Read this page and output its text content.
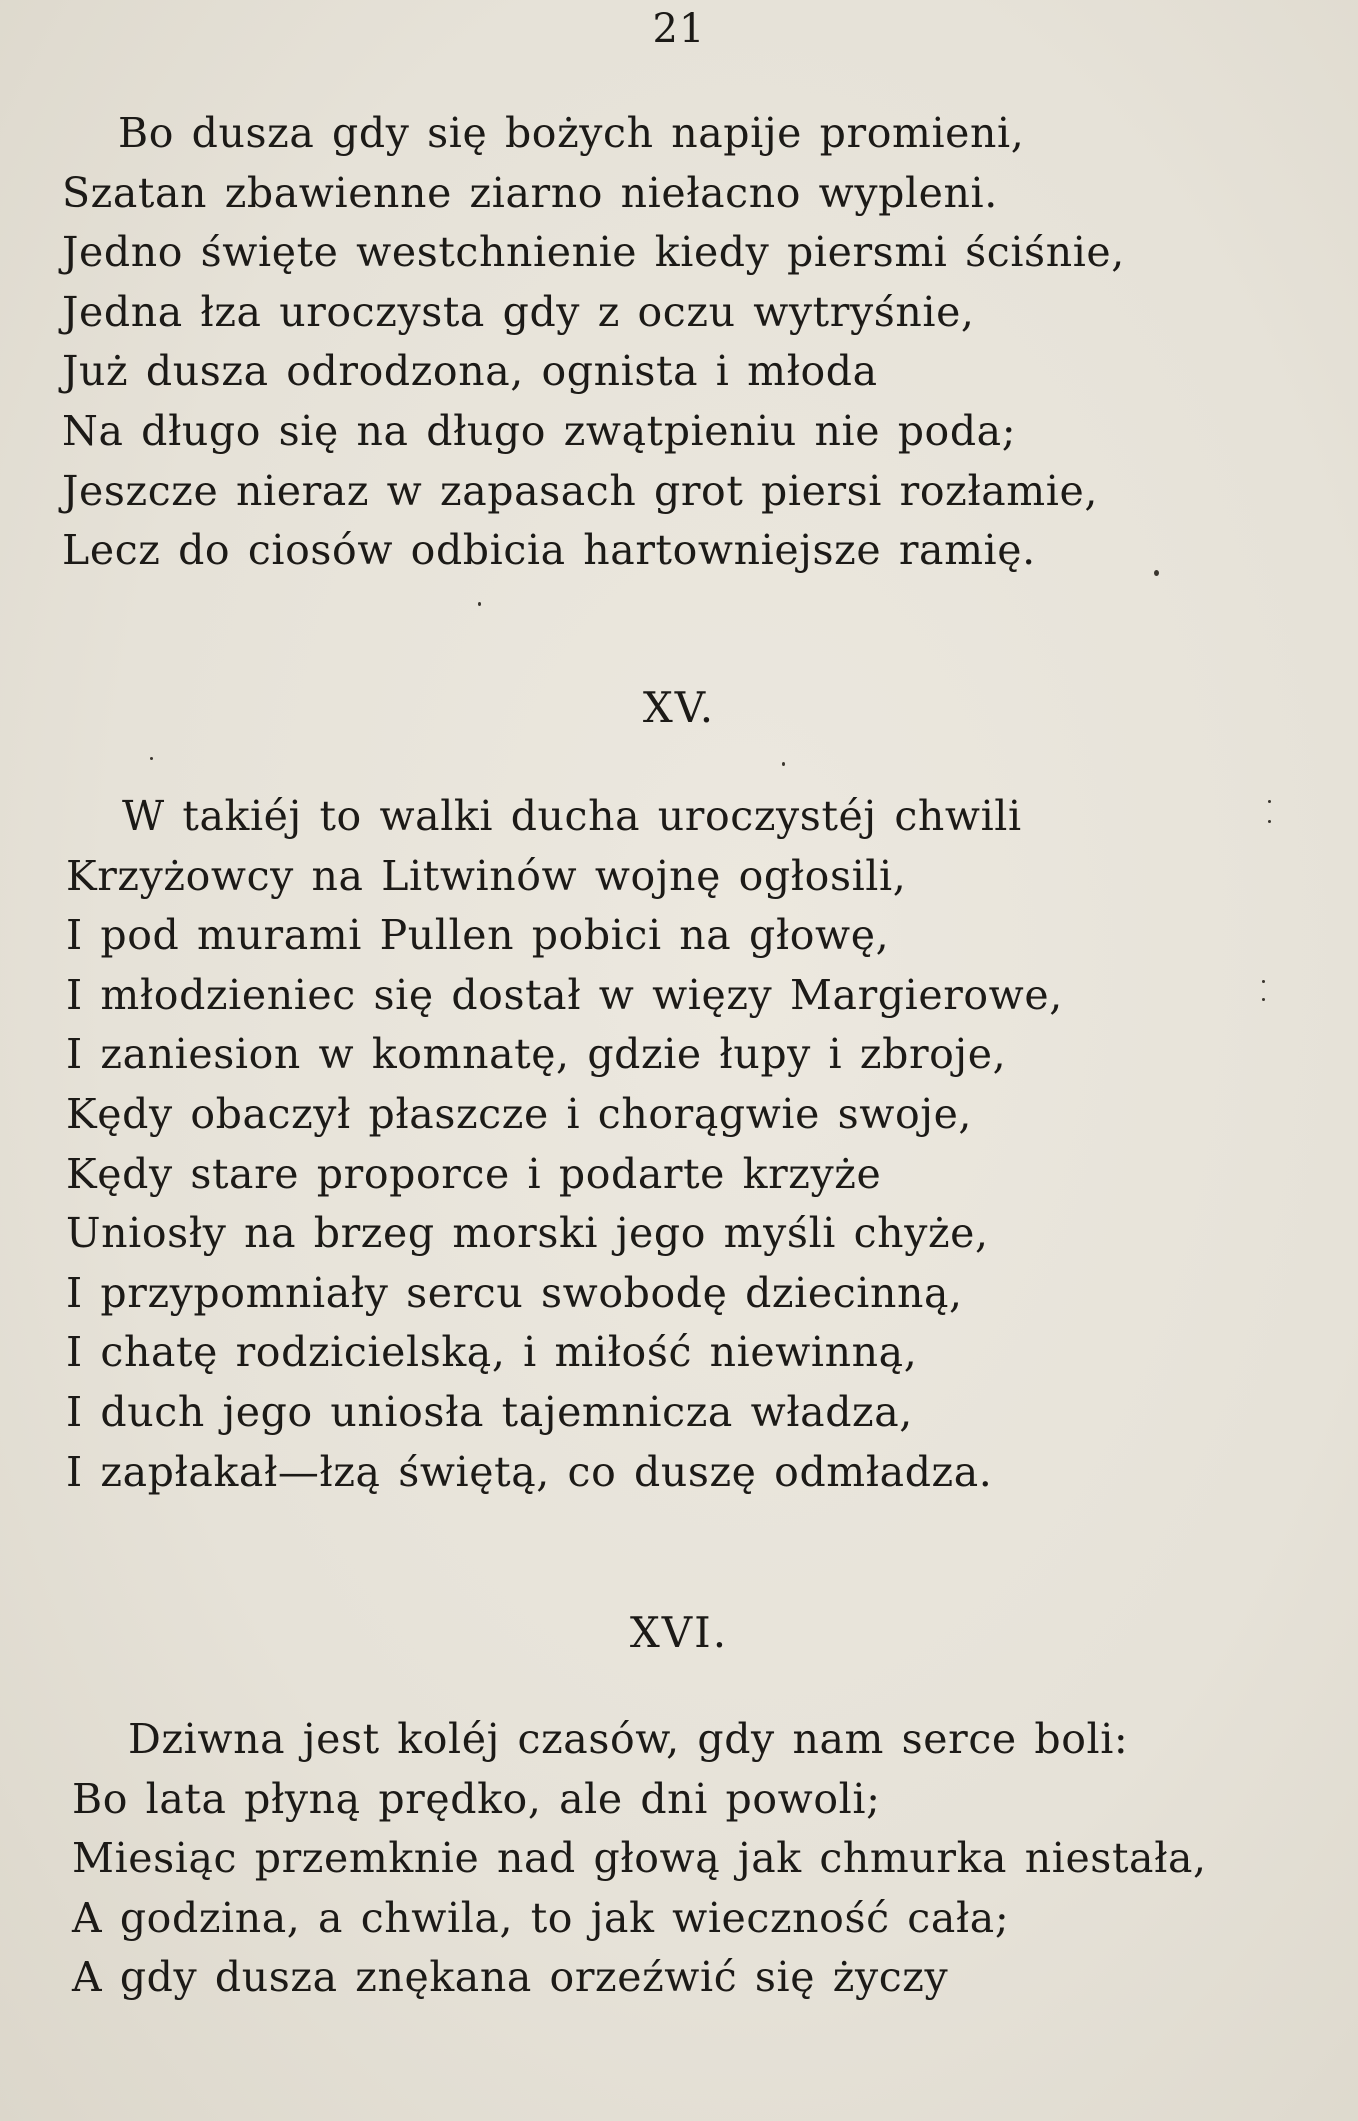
21
Bo dusza gdy się bożych napije promieni,
Szatan zbawienne ziarno niełacno wypleni.
Jedno święte westchnienie kiedy piersmi ściśnie,
Jedna łza uroczysta gdy z oczu wytryśnie,
Już dusza odrodzona, ognista i młoda
Na długo się na długo zwątpieniu nie poda;
Jeszcze nieraz w zapasach grot piersi rozłamie,
Lecz do ciosów odbicia hartowniejsze ramię.
XV.
W takiéj to walki ducha uroczystéj chwili
Krzyżowcy na Litwinów wojnę ogłosili,
I pod murami Pullen pobici na głowę,
I młodzieniec się dostał w więzy Margierowe,
I zaniesion w komnatę, gdzie łupy i zbroje,
Kędy obaczył płaszcze i chorągwie swoje,
Kędy stare proporce i podarte krzyże
Uniosły na brzeg morski jego myśli chyże,
I przypomniały sercu swobodę dziecinną,
I chatę rodzicielską, i miłość niewinną,
I duch jego uniosła tajemnicza władza,
I zapłakał—łzą świętą, co duszę odmładza.
XVI.
Dziwna jest koléj czasów, gdy nam serce boli:
Bo lata płyną prędko, ale dni powoli;
Miesiąc przemknie nad głową jak chmurka niestała,
A godzina, a chwila, to jak wieczność cała;
A gdy dusza znękana orzeźwić się życzy
